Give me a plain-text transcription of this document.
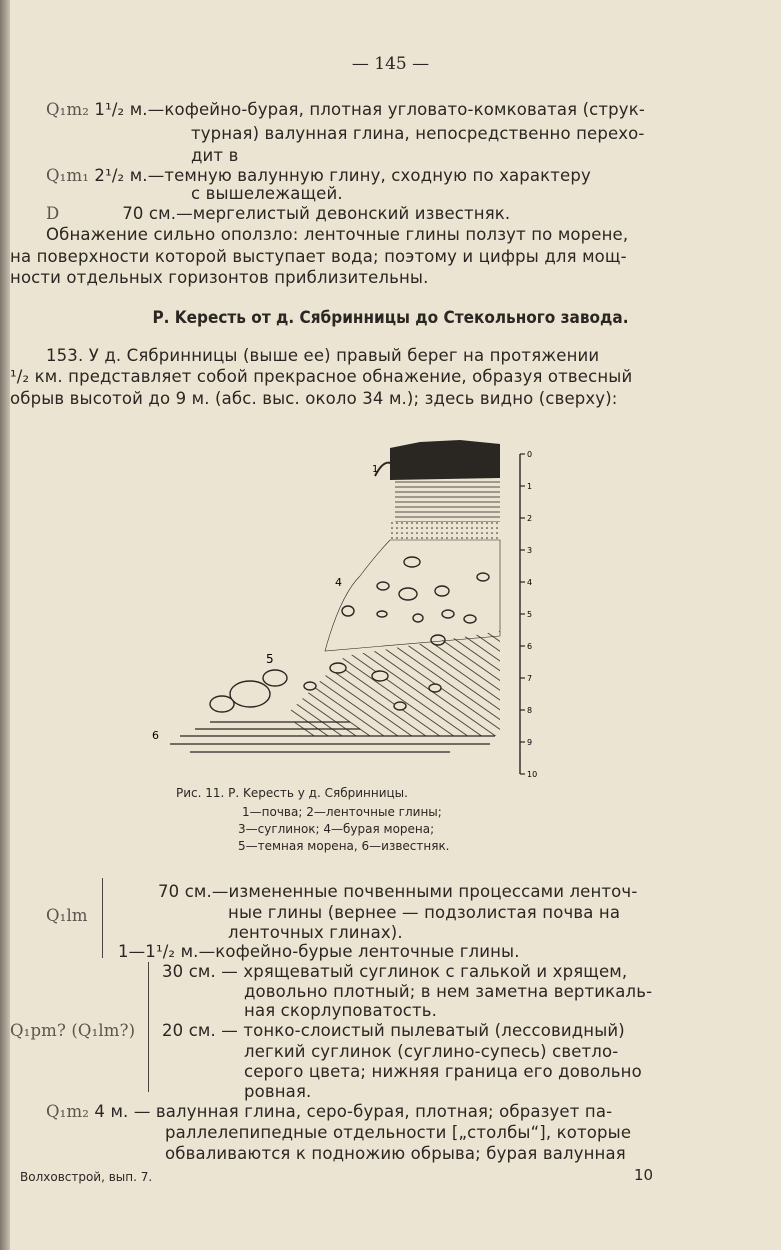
— 145 —
Q₁m₂ 1¹/₂ м.—кофейно-бурая, плотная угловато-комковатая (струк-
турная) валунная глина, непосредственно перехо-
дит в
Q₁m₁ 2¹/₂ м.—темную валунную глину, сходную по характеру
с вышележащей.
D	70 см.—мергелистый девонский известняк.
Обнажение сильно оползло: ленточные глины ползут по морене,
на поверхности которой выступает вода; поэтому и цифры для мощ-
ности отдельных горизонтов приблизительны.
Р. Kересть от д. Сябринницы до Стекольного завода.
153. У д. Сябринницы (выше ее) правый берег на протяжении
¹/₂ км. представляет собой прекрасное обнажение, образуя отвесный
обрыв высотой до 9 м. (абс. выс. около 34 м.); здесь видно (сверху):
1
4
5
6
0
1
2
3
4
5
6
7
8
9
10
Рис. 11. Р. Kересть у д. Сябринницы.
1—почва; 2—ленточные глины;
3—суглинок; 4—бурая морена;
5—темная морена, 6—известняк.
Q₁lm
70 см.—измененные почвенными процессами ленточ-
ные глины (вернее — подзолистая почва на
ленточных глинах).
1—1¹/₂ м.—кофейно-бурые ленточные глины.
Q₁pm? (Q₁lm?)
30 см. — хрящеватый суглинок с галькой и хрящем,
довольно плотный; в нем заметна вертикаль-
ная скорлуповатость.
20 см. — тонко-слоистый пылеватый (лессовидный)
легкий суглинок (суглино-супесь) светло-
серого цвета; нижняя граница его довольно
ровная.
Q₁m₂ 4 м. — валунная глина, серо-бурая, плотная; образует па-
раллелепипедные отдельности [„столбы“], которые
обваливаются к подножию обрыва; бурая валунная
Волховстрой, вып. 7.	10
